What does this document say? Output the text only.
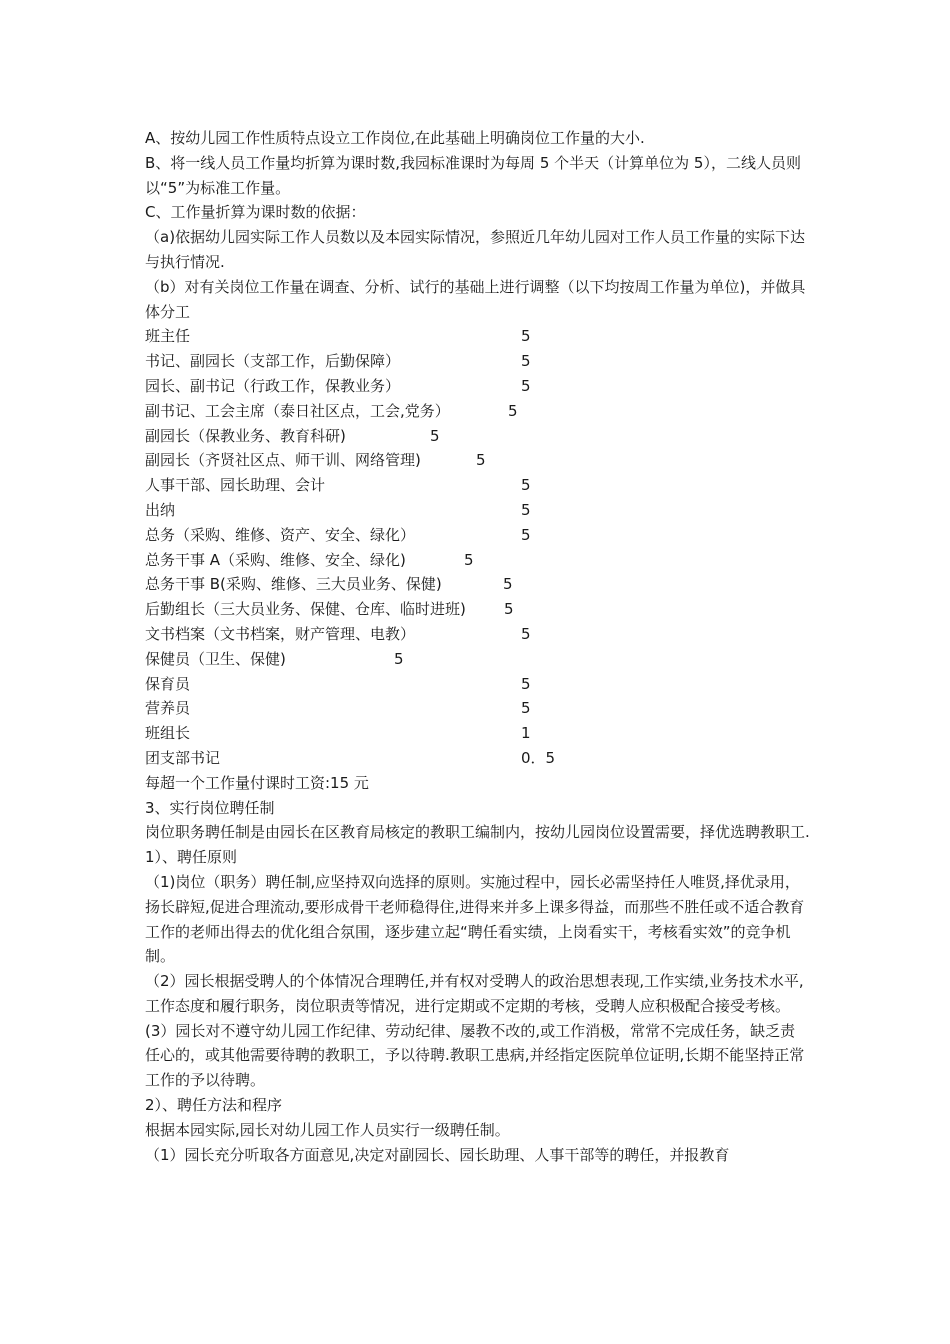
A、按幼儿园工作性质特点设立工作岗位,在此基础上明确岗位工作量的大小.

B、将一线人员工作量均折算为课时数,我园标准课时为每周 5 个半天（计算单位为 5），二线人员则以“5”为标准工作量。

C、工作量折算为课时数的依据：

（a)依据幼儿园实际工作人员数以及本园实际情况，参照近几年幼儿园对工作人员工作量的实际下达与执行情况.

（b）对有关岗位工作量在调查、分析、试行的基础上进行调整（以下均按周工作量为单位)，并做具体分工

班主任	5
书记、副园长（支部工作，后勤保障）	5
园长、副书记（行政工作，保教业务）	5
副书记、工会主席（泰日社区点，工会,党务）	5
副园长（保教业务、教育科研)	5
副园长（齐贤社区点、师干训、网络管理)	5
人事干部、园长助理、会计	5
出纳	5
总务（采购、维修、资产、安全、绿化）	5
总务干事 A（采购、维修、安全、绿化)	5
总务干事 B(采购、维修、三大员业务、保健)	5
后勤组长（三大员业务、保健、仓库、临时进班)	5
文书档案（文书档案，财产管理、电教）	5
保健员（卫生、保健)	5
保育员	5
营养员	5
班组长	1
团支部书记	0．5

每超一个工作量付课时工资:15 元

3、实行岗位聘任制

岗位职务聘任制是由园长在区教育局核定的教职工编制内，按幼儿园岗位设置需要，择优选聘教职工.

1）、聘任原则

（1)岗位（职务）聘任制,应坚持双向选择的原则。实施过程中，园长必需坚持任人唯贤,择优录用，扬长辟短,促进合理流动,要形成骨干老师稳得住,进得来并多上课多得益，而那些不胜任或不适合教育工作的老师出得去的优化组合氛围，逐步建立起“聘任看实绩，上岗看实干，考核看实效”的竞争机制。

（2）园长根据受聘人的个体情况合理聘任,并有权对受聘人的政治思想表现,工作实绩,业务技术水平,工作态度和履行职务，岗位职责等情况，进行定期或不定期的考核，受聘人应积极配合接受考核。

(3）园长对不遵守幼儿园工作纪律、劳动纪律、屡教不改的,或工作消极，常常不完成任务，缺乏责任心的，或其他需要待聘的教职工，予以待聘.教职工患病,并经指定医院单位证明,长期不能坚持正常工作的予以待聘。

2）、聘任方法和程序

根据本园实际,园长对幼儿园工作人员实行一级聘任制。

（1）园长充分听取各方面意见,决定对副园长、园长助理、人事干部等的聘任，并报教育
